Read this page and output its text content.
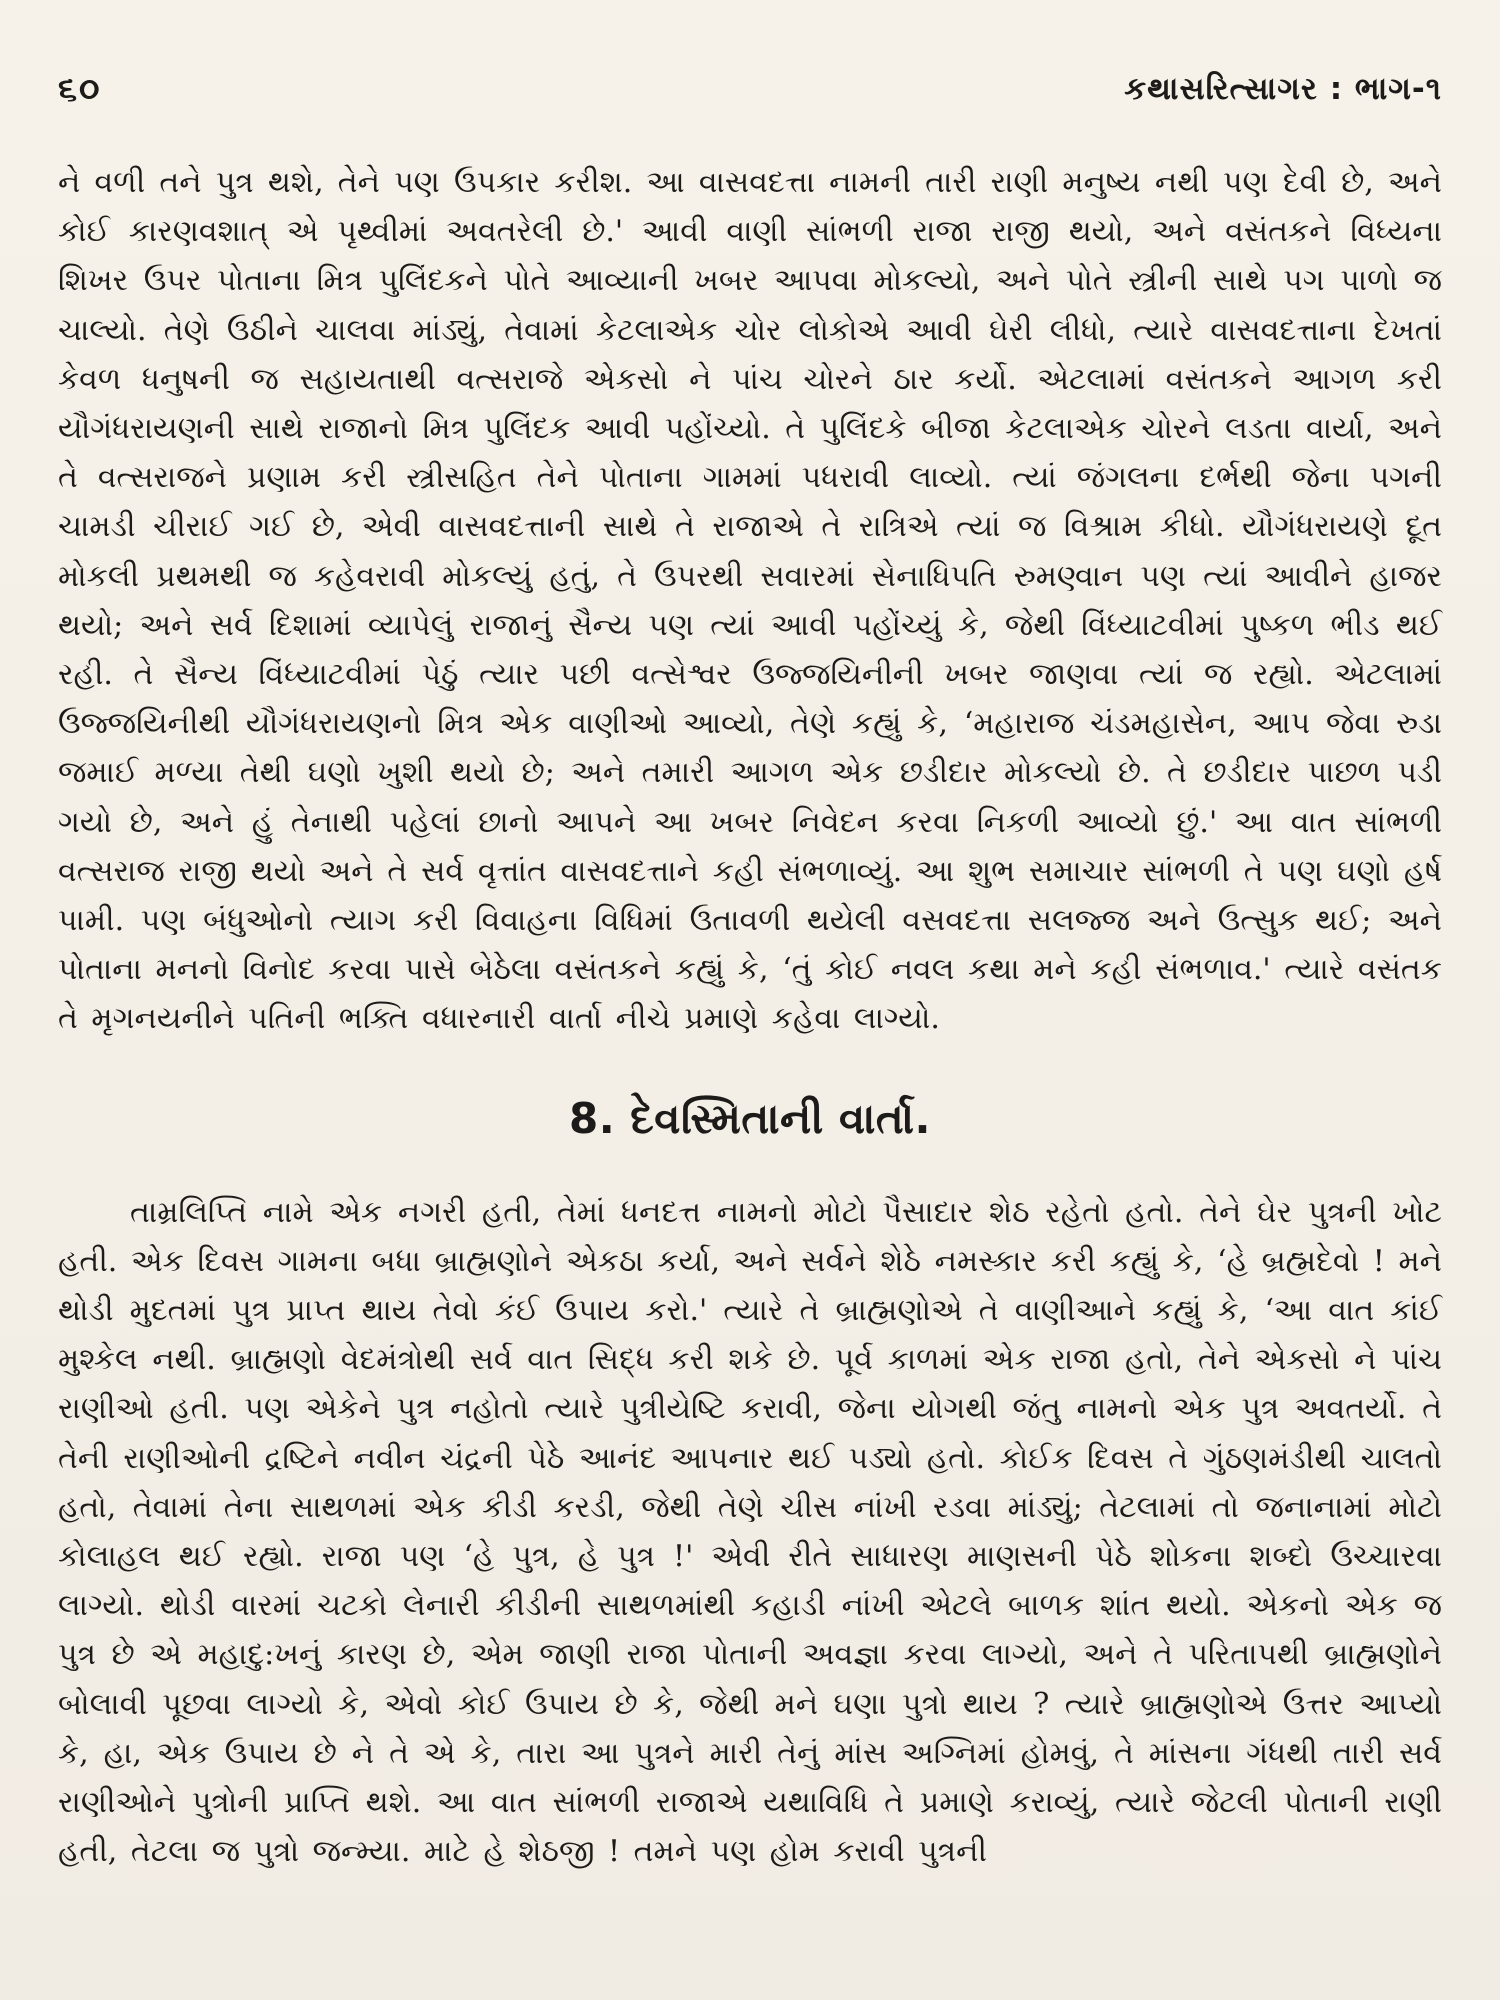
૬૦	કથાસરિત્સાગર : ભાગ-૧

ને વળી તને પુત્ર થશે, તેને પણ ઉપકાર કરીશ. આ વાસવદત્તા નામની તારી રાણી મનુષ્ય નથી પણ દેવી છે, અને કોઈ કારણવશાત્ એ પૃથ્વીમાં અવતરેલી છે.' આવી વાણી સાંભળી રાજા રાજી થયો, અને વસંતકને વિધ્યના શિખર ઉપર પોતાના મિત્ર પુલિંદકને પોતે આવ્યાની ખબર આપવા મોકલ્યો, અને પોતે સ્ત્રીની સાથે પગ પાળો જ ચાલ્યો. તેણે ઉઠીને ચાલવા માંડ્યું, તેવામાં કેટલાએક ચોર લોકોએ આવી ઘેરી લીધો, ત્યારે વાસવદત્તાના દેખતાં કેવળ ધનુષની જ સહાયતાથી વત્સરાજે એકસો ને પાંચ ચોરને ઠાર કર્યો. એટલામાં વસંતકને આગળ કરી યૌગંધરાયણની સાથે રાજાનો મિત્ર પુલિંદક આવી પહોંચ્યો. તે પુલિંદકે બીજા કેટલાએક ચોરને લડતા વાર્યા, અને તે વત્સરાજને પ્રણામ કરી સ્ત્રીસહિત તેને પોતાના ગામમાં પધરાવી લાવ્યો. ત્યાં જંગલના દર્ભથી જેના પગની ચામડી ચીરાઈ ગઈ છે, એવી વાસવદત્તાની સાથે તે રાજાએ તે રાત્રિએ ત્યાં જ વિશ્રામ કીધો. યૌગંધરાયણે દૂત મોકલી પ્રથમથી જ કહેવરાવી મોકલ્યું હતું, તે ઉપરથી સવારમાં સેનાધિપતિ રુમણ્વાન પણ ત્યાં આવીને હાજર થયો; અને સર્વ દિશામાં વ્યાપેલું રાજાનું સૈન્ય પણ ત્યાં આવી પહોંચ્યું કે, જેથી વિંધ્યાટવીમાં પુષ્કળ ભીડ થઈ રહી. તે સૈન્ય વિંધ્યાટવીમાં પેઠું ત્યાર પછી વત્સેશ્વર ઉજ્જયિનીની ખબર જાણવા ત્યાં જ રહ્યો. એટલામાં ઉજ્જયિનીથી યૌગંધરાયણનો મિત્ર એક વાણીઓ આવ્યો, તેણે કહ્યું કે, ‘મહારાજ ચંડમહાસેન, આપ જેવા રુડા જમાઈ મળ્યા તેથી ઘણો ખુશી થયો છે; અને તમારી આગળ એક છડીદાર મોકલ્યો છે. તે છડીદાર પાછળ પડી ગયો છે, અને હું તેનાથી પહેલાં છાનો આપને આ ખબર નિવેદન કરવા નિકળી આવ્યો છું.' આ વાત સાંભળી વત્સરાજ રાજી થયો અને તે સર્વ વૃત્તાંત વાસવદત્તાને કહી સંભળાવ્યું. આ શુભ સમાચાર સાંભળી તે પણ ઘણો હર્ષ પામી. પણ બંધુઓનો ત્યાગ કરી વિવાહના વિધિમાં ઉતાવળી થયેલી વસવદત્તા સલજ્જ અને ઉત્સુક થઈ; અને પોતાના મનનો વિનોદ કરવા પાસે બેઠેલા વસંતકને કહ્યું કે, ‘તું કોઈ નવલ કથા મને કહી સંભળાવ.' ત્યારે વસંતક તે મૃગનયનીને પતિની ભક્તિ વધારનારી વાર્તા નીચે પ્રમાણે કહેવા લાગ્યો.

8. દેવસ્મિતાની વાર્તા.

તામ્રલિપ્તિ નામે એક નગરી હતી, તેમાં ધનદત્ત નામનો મોટો પૈસાદાર શેઠ રહેતો હતો. તેને ઘેર પુત્રની ખોટ હતી. એક દિવસ ગામના બધા બ્રાહ્મણોને એકઠા કર્યા, અને સર્વને શેઠે નમસ્કાર કરી કહ્યું કે, ‘હે બ્રહ્મદેવો ! મને થોડી મુદતમાં પુત્ર પ્રાપ્ત થાય તેવો કંઈ ઉપાય કરો.' ત્યારે તે બ્રાહ્મણોએ તે વાણીઆને કહ્યું કે, ‘આ વાત કાંઈ મુશ્કેલ નથી. બ્રાહ્મણો વેદમંત્રોથી સર્વ વાત સિદ્ધ કરી શકે છે. પૂર્વ કાળમાં એક રાજા હતો, તેને એકસો ને પાંચ રાણીઓ હતી. પણ એકેને પુત્ર નહોતો ત્યારે પુત્રીયેષ્ટિ કરાવી, જેના યોગથી જંતુ નામનો એક પુત્ર અવતર્યો. તે તેની રાણીઓની દ્રષ્ટિને નવીન ચંદ્રની પેઠે આનંદ આપનાર થઈ પડ્યો હતો. કોઈક દિવસ તે ગુંઠણમંડીથી ચાલતો હતો, તેવામાં તેના સાથળમાં એક કીડી કરડી, જેથી તેણે ચીસ નાંખી રડવા માંડ્યું; તેટલામાં તો જનાનામાં મોટો કોલાહલ થઈ રહ્યો. રાજા પણ ‘હે પુત્ર, હે પુત્ર !' એવી રીતે સાધારણ માણસની પેઠે શોકના શબ્દો ઉચ્ચારવા લાગ્યો. થોડી વારમાં ચટકો લેનારી કીડીની સાથળમાંથી કહાડી નાંખી એટલે બાળક શાંત થયો. એકનો એક જ પુત્ર છે એ મહાદુ:ખનું કારણ છે, એમ જાણી રાજા પોતાની અવજ્ઞા કરવા લાગ્યો, અને તે પરિતાપથી બ્રાહ્મણોને બોલાવી પૂછવા લાગ્યો કે, એવો કોઈ ઉપાય છે કે, જેથી મને ઘણા પુત્રો થાય ? ત્યારે બ્રાહ્મણોએ ઉત્તર આપ્યો કે, હા, એક ઉપાય છે ને તે એ કે, તારા આ પુત્રને મારી તેનું માંસ અગ્નિમાં હોમવું, તે માંસના ગંધથી તારી સર્વ રાણીઓને પુત્રોની પ્રાપ્તિ થશે. આ વાત સાંભળી રાજાએ યથાવિધિ તે પ્રમાણે કરાવ્યું, ત્યારે જેટલી પોતાની રાણી હતી, તેટલા જ પુત્રો જન્મ્યા. માટે હે શેઠજી ! તમને પણ હોમ કરાવી પુત્રની
